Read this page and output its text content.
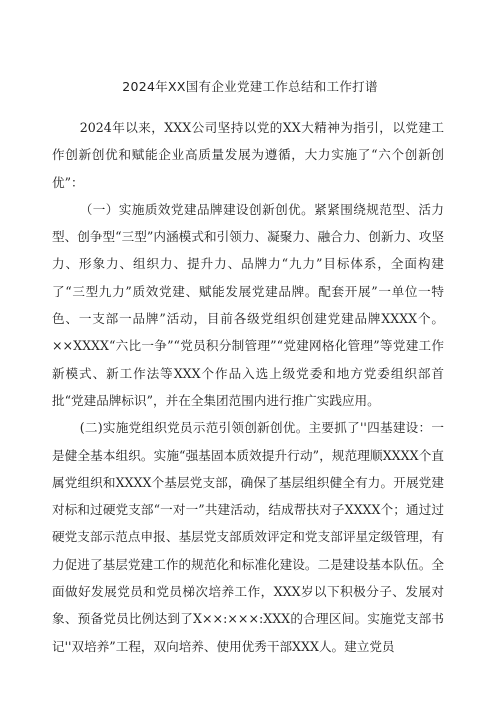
2024年XX国有企业党建工作总结和工作打谱

2024年以来，XXX公司坚持以党的XX大精神为指引，以党建工作创新创优和赋能企业高质量发展为遵循，大力实施了“六个创新创优”：

（一）实施质效党建品牌建设创新创优。紧紧围绕规范型、活力型、创争型“三型”内涵模式和引领力、凝聚力、融合力、创新力、攻坚力、形象力、组织力、提升力、品牌力“九力”目标体系，全面构建了“三型九力”质效党建、赋能发展党建品牌。配套开展”一单位一特色、一支部一品牌”活动，目前各级党组织创建党建品牌XXXX个。××XXXX“六比一争”“党员积分制管理”“党建网格化管理”等党建工作新模式、新工作法等XXX个作品入选上级党委和地方党委组织部首批“党建品牌标识”，并在全集团范围内进行推广实践应用。

(二)实施党组织党员示范引领创新创优。主要抓了''四基建设：一是健全基本组织。实施“强基固本质效提升行动”，规范理顺XXXX个直属党组织和XXXX个基层党支部，确保了基层组织健全有力。开展党建对标和过硬党支部“一对一”共建活动，结成帮扶对子XXXX个；通过过硬党支部示范点申报、基层党支部质效评定和党支部评星定级管理，有力促进了基层党建工作的规范化和标准化建设。二是建设基本队伍。全面做好发展党员和党员梯次培养工作，XXX岁以下积极分子、发展对象、预备党员比例达到了X××:×××:XXX的合理区间。实施党支部书记''双培养”工程，双向培养、使用优秀干部XXX人。建立党员
